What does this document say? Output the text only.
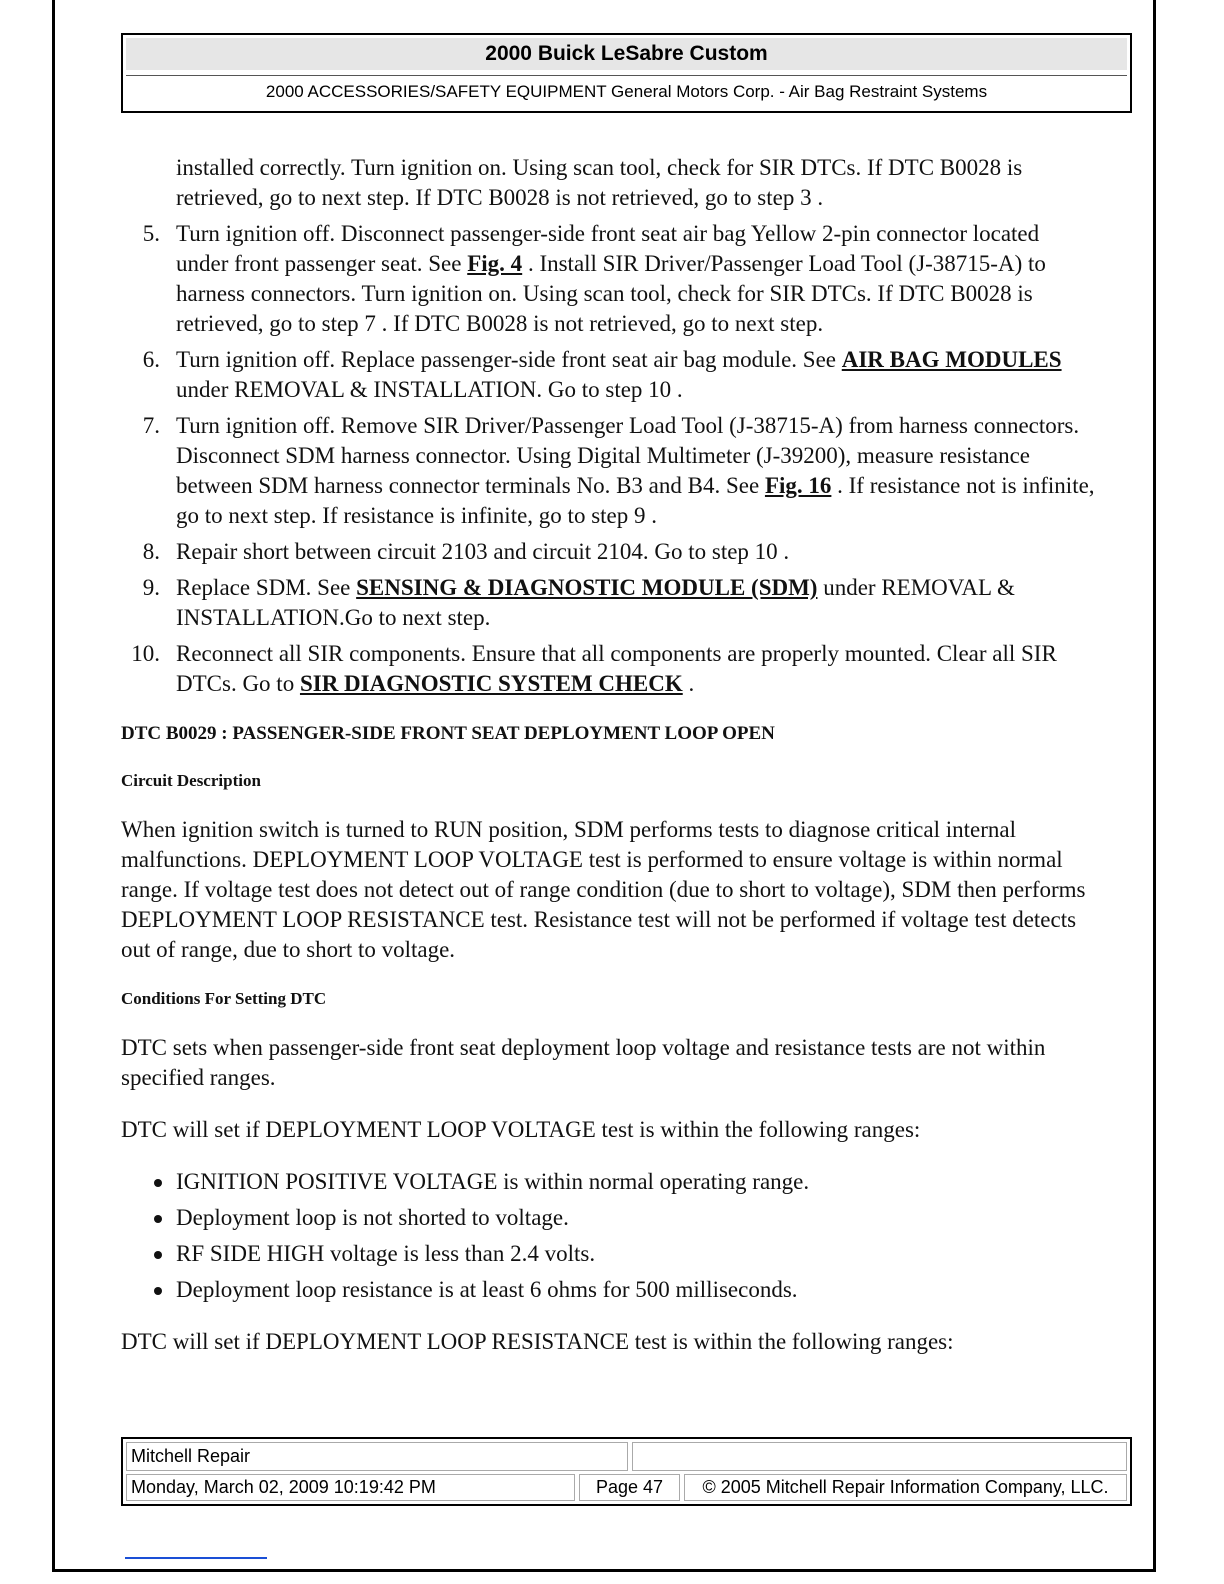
2000 Buick LeSabre Custom
2000 ACCESSORIES/SAFETY EQUIPMENT General Motors Corp. - Air Bag Restraint Systems
installed correctly. Turn ignition on. Using scan tool, check for SIR DTCs. If DTC B0028 is retrieved, go to next step. If DTC B0028 is not retrieved, go to step 3 .
5. Turn ignition off. Disconnect passenger-side front seat air bag Yellow 2-pin connector located under front passenger seat. See Fig. 4 . Install SIR Driver/Passenger Load Tool (J-38715-A) to harness connectors. Turn ignition on. Using scan tool, check for SIR DTCs. If DTC B0028 is retrieved, go to step 7 . If DTC B0028 is not retrieved, go to next step.
6. Turn ignition off. Replace passenger-side front seat air bag module. See AIR BAG MODULES under REMOVAL & INSTALLATION. Go to step 10 .
7. Turn ignition off. Remove SIR Driver/Passenger Load Tool (J-38715-A) from harness connectors. Disconnect SDM harness connector. Using Digital Multimeter (J-39200), measure resistance between SDM harness connector terminals No. B3 and B4. See Fig. 16 . If resistance not is infinite, go to next step. If resistance is infinite, go to step 9 .
8. Repair short between circuit 2103 and circuit 2104. Go to step 10 .
9. Replace SDM. See SENSING & DIAGNOSTIC MODULE (SDM) under REMOVAL & INSTALLATION.Go to next step.
10. Reconnect all SIR components. Ensure that all components are properly mounted. Clear all SIR DTCs. Go to SIR DIAGNOSTIC SYSTEM CHECK .
DTC B0029 : PASSENGER-SIDE FRONT SEAT DEPLOYMENT LOOP OPEN
Circuit Description
When ignition switch is turned to RUN position, SDM performs tests to diagnose critical internal malfunctions. DEPLOYMENT LOOP VOLTAGE test is performed to ensure voltage is within normal range. If voltage test does not detect out of range condition (due to short to voltage), SDM then performs DEPLOYMENT LOOP RESISTANCE test. Resistance test will not be performed if voltage test detects out of range, due to short to voltage.
Conditions For Setting DTC
DTC sets when passenger-side front seat deployment loop voltage and resistance tests are not within specified ranges.
DTC will set if DEPLOYMENT LOOP VOLTAGE test is within the following ranges:
IGNITION POSITIVE VOLTAGE is within normal operating range.
Deployment loop is not shorted to voltage.
RF SIDE HIGH voltage is less than 2.4 volts.
Deployment loop resistance is at least 6 ohms for 500 milliseconds.
DTC will set if DEPLOYMENT LOOP RESISTANCE test is within the following ranges:
Mitchell Repair
Monday, March 02, 2009 10:19:42 PM	Page 47	© 2005 Mitchell Repair Information Company, LLC.
